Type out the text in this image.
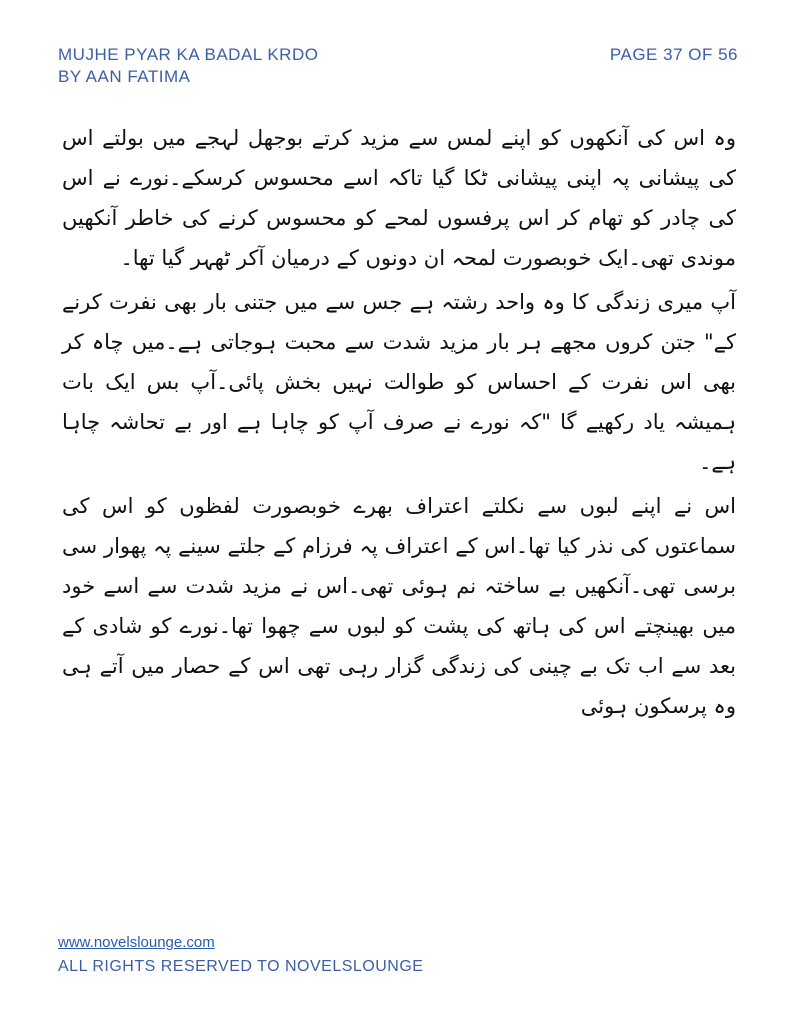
MUJHE PYAR KA BADAL KRDO
BY AAN FATIMA
PAGE 37 OF 56

وہ اس کی آنکھوں کو اپنے لمس سے مزید کرتے بوجھل لہجے میں بولتے اس کی پیشانی پہ اپنی پیشانی ٹکا گیا تاکہ اسے محسوس کرسکے۔نورے نے اس کی چادر کو تھام کر اس پرفسوں لمحے کو محسوس کرنے کی خاطر آنکھیں موندی تھی۔ایک خوبصورت لمحہ ان دونوں کے درمیان آکر ٹھہر گیا تھا۔

آپ میری زندگی کا وہ واحد رشتہ ہے جس سے میں جتنی بار بھی نفرت کرنے کے" جتن کروں مجھے ہر بار مزید شدت سے محبت ہوجاتی ہے۔میں چاہ کر بھی اس نفرت کے احساس کو طوالت نہیں بخش پائی۔آپ بس ایک بات ہمیشہ یاد رکھیے گا "کہ نورے نے صرف آپ کو چاہا ہے اور بے تحاشہ چاہا ہے۔

اس نے اپنے لبوں سے نکلتے اعتراف بھرے خوبصورت لفظوں کو اس کی سماعتوں کی نذر کیا تھا۔اس کے اعتراف پہ فرزام کے جلتے سینے پہ پھوار سی برسی تھی۔آنکھیں بے ساختہ نم ہوئی تھی۔اس نے مزید شدت سے اسے خود میں بھینچتے اس کی ہاتھ کی پشت کو لبوں سے چھوا تھا۔نورے کو شادی کے بعد سے اب تک بے چینی کی زندگی گزار رہی تھی اس کے حصار میں آتے ہی وہ پرسکون ہوئی

www.novelslounge.com
ALL RIGHTS RESERVED TO NOVELSLOUNGE
